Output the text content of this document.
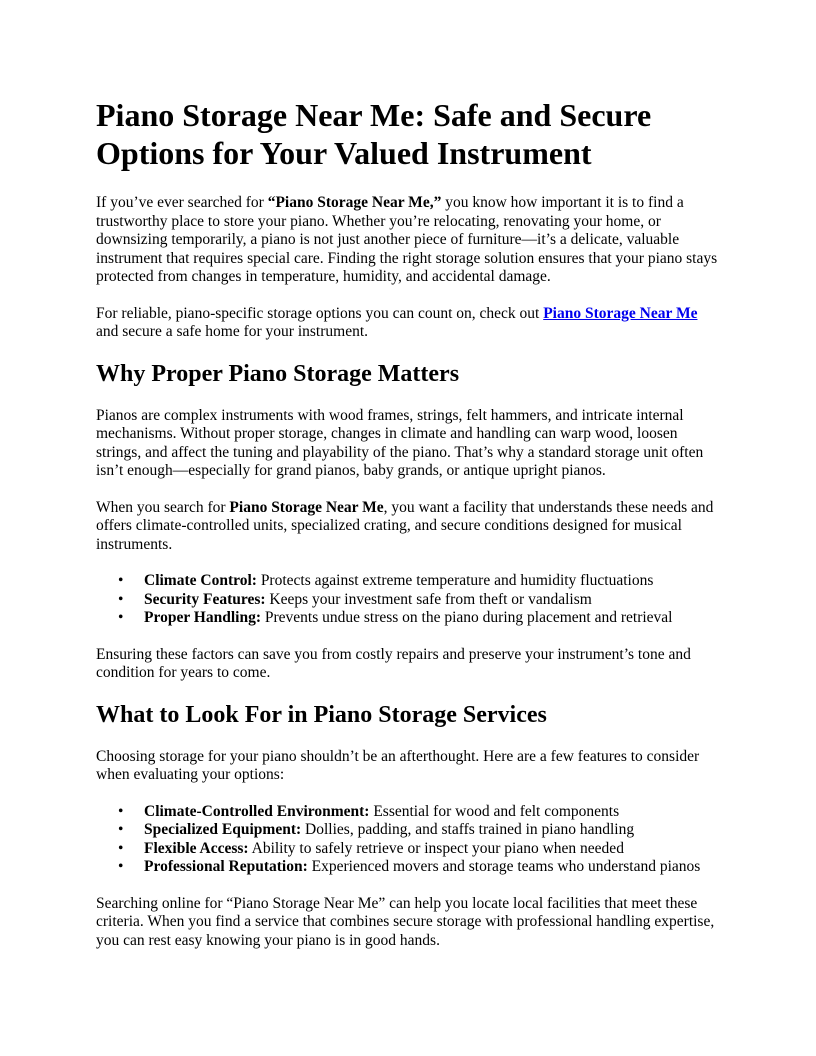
Piano Storage Near Me: Safe and Secure Options for Your Valued Instrument

If you’ve ever searched for “Piano Storage Near Me,” you know how important it is to find a trustworthy place to store your piano. Whether you’re relocating, renovating your home, or downsizing temporarily, a piano is not just another piece of furniture—it’s a delicate, valuable instrument that requires special care. Finding the right storage solution ensures that your piano stays protected from changes in temperature, humidity, and accidental damage.

For reliable, piano-specific storage options you can count on, check out Piano Storage Near Me and secure a safe home for your instrument.

Why Proper Piano Storage Matters

Pianos are complex instruments with wood frames, strings, felt hammers, and intricate internal mechanisms. Without proper storage, changes in climate and handling can warp wood, loosen strings, and affect the tuning and playability of the piano. That’s why a standard storage unit often isn’t enough—especially for grand pianos, baby grands, or antique upright pianos.

When you search for Piano Storage Near Me, you want a facility that understands these needs and offers climate-controlled units, specialized crating, and secure conditions designed for musical instruments.

• Climate Control: Protects against extreme temperature and humidity fluctuations
• Security Features: Keeps your investment safe from theft or vandalism
• Proper Handling: Prevents undue stress on the piano during placement and retrieval

Ensuring these factors can save you from costly repairs and preserve your instrument’s tone and condition for years to come.

What to Look For in Piano Storage Services

Choosing storage for your piano shouldn’t be an afterthought. Here are a few features to consider when evaluating your options:

• Climate-Controlled Environment: Essential for wood and felt components
• Specialized Equipment: Dollies, padding, and staffs trained in piano handling
• Flexible Access: Ability to safely retrieve or inspect your piano when needed
• Professional Reputation: Experienced movers and storage teams who understand pianos

Searching online for “Piano Storage Near Me” can help you locate local facilities that meet these criteria. When you find a service that combines secure storage with professional handling expertise, you can rest easy knowing your piano is in good hands.
